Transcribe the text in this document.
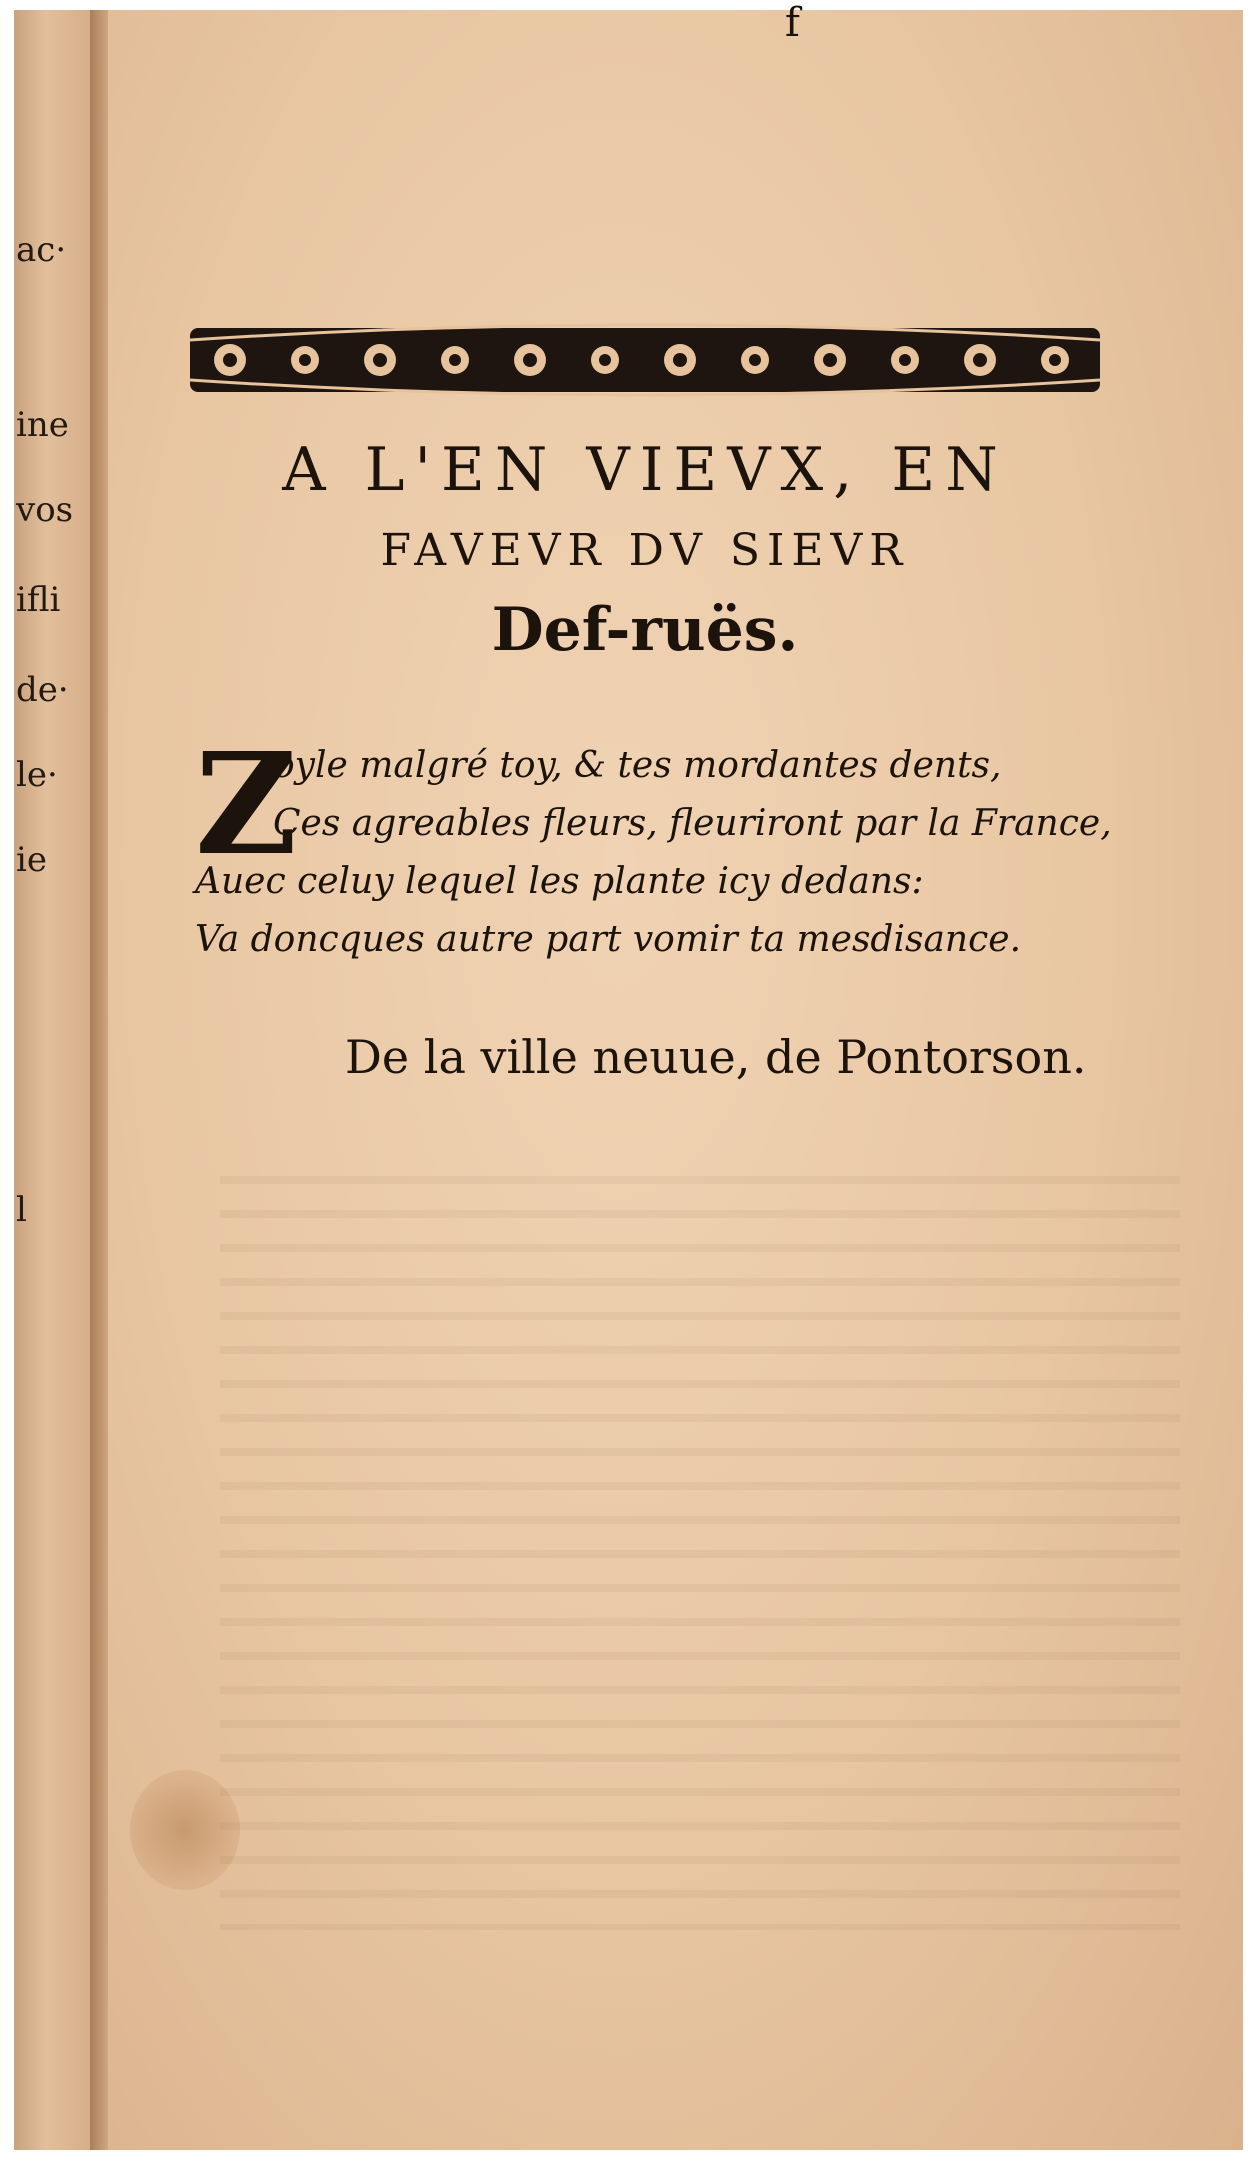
f
ac·
ine
vos
ifli
de·
le·
ie
l
A L'EN VIEVX, EN
FAVEVR DV SIEVR
Def-ruës.
Z
oyle malgré toy, & tes mordantes dents,
Ces agreables fleurs, fleuriront par la France,
Auec celuy lequel les plante icy dedans:
Va doncques autre part vomir ta mesdisance.
De la ville neuue, de Pontorson.
